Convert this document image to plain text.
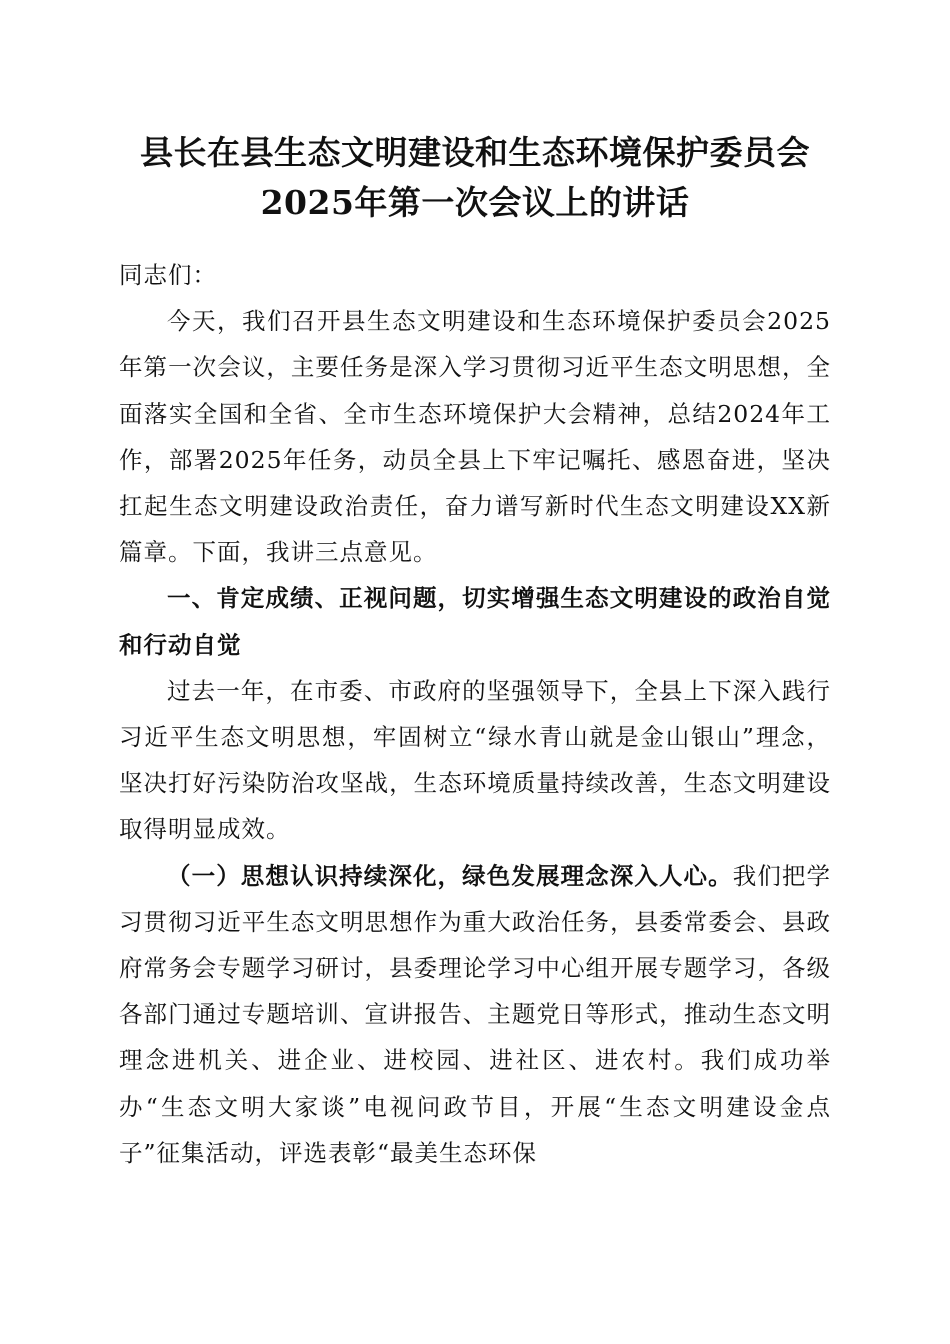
县长在县生态文明建设和生态环境保护委员会
2025年第一次会议上的讲话

同志们：

今天，我们召开县生态文明建设和生态环境保护委员会2025年第一次会议，主要任务是深入学习贯彻习近平生态文明思想，全面落实全国和全省、全市生态环境保护大会精神，总结2024年工作，部署2025年任务，动员全县上下牢记嘱托、感恩奋进，坚决扛起生态文明建设政治责任，奋力谱写新时代生态文明建设XX新篇章。下面，我讲三点意见。

一、肯定成绩、正视问题，切实增强生态文明建设的政治自觉和行动自觉

过去一年，在市委、市政府的坚强领导下，全县上下深入践行习近平生态文明思想，牢固树立“绿水青山就是金山银山”理念，坚决打好污染防治攻坚战，生态环境质量持续改善，生态文明建设取得明显成效。

（一）思想认识持续深化，绿色发展理念深入人心。我们把学习贯彻习近平生态文明思想作为重大政治任务，县委常委会、县政府常务会专题学习研讨，县委理论学习中心组开展专题学习，各级各部门通过专题培训、宣讲报告、主题党日等形式，推动生态文明理念进机关、进企业、进校园、进社区、进农村。我们成功举办“生态文明大家谈”电视问政节目，开展“生态文明建设金点子”征集活动，评选表彰“最美生态环保
